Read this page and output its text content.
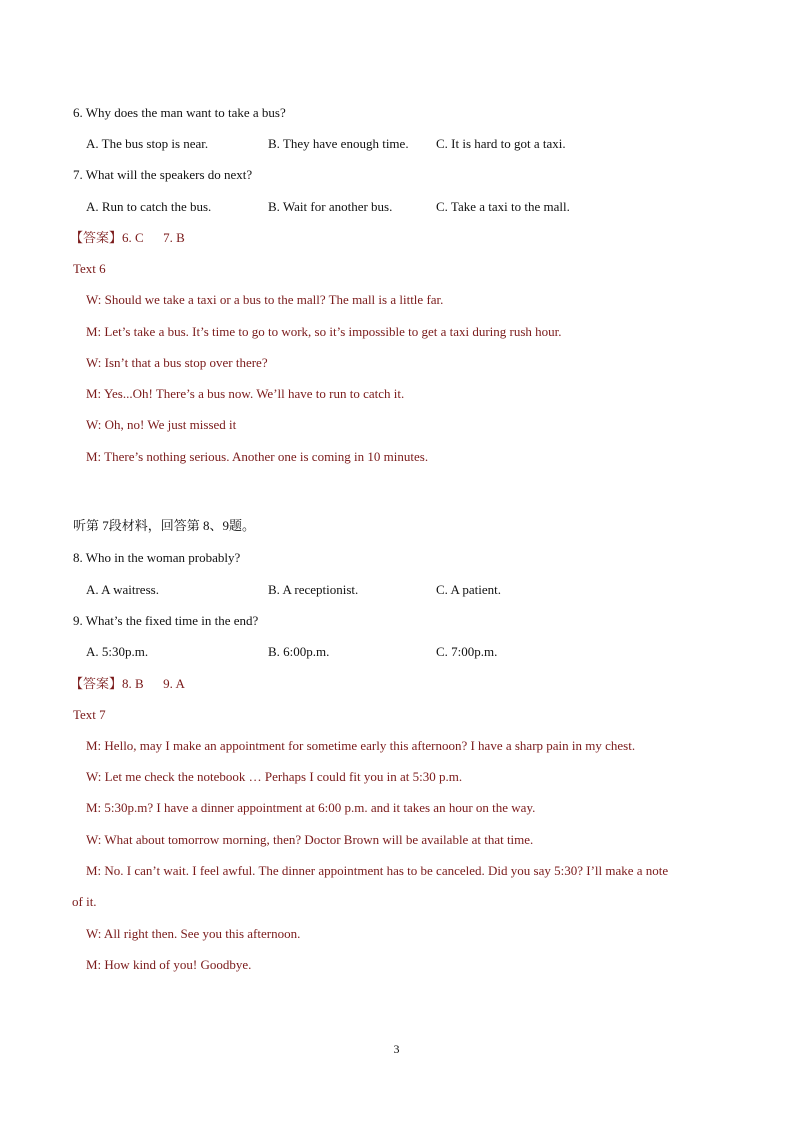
6. Why does the man want to take a bus?
A. The bus stop is near.	B. They have enough time. C. It is hard to got a taxi.
7. What will the speakers do next?
A. Run to catch the bus.	B. Wait for another bus.	C. Take a taxi to the mall.
【答案】6. C      7. B
Text 6
W: Should we take a taxi or a bus to the mall? The mall is a little far.
M: Let’s take a bus. It’s time to go to work, so it’s impossible to get a taxi during rush hour.
W: Isn’t that a bus stop over there?
M: Yes...Oh! There’s a bus now. We’ll have to run to catch it.
W: Oh, no! We just missed it
M: There’s nothing serious. Another one is coming in 10 minutes.
听第 7段材料，回答第 8、9题。
8. Who in the woman probably?
A. A waitress.	B. A receptionist.	C. A patient.
9. What’s the fixed time in the end?
A. 5:30p.m.	B. 6:00p.m.	C. 7:00p.m.
【答案】8. B      9. A
Text 7
M: Hello, may I make an appointment for sometime early this afternoon? I have a sharp pain in my chest.
W: Let me check the notebook … Perhaps I could fit you in at 5:30 p.m.
M: 5:30p.m? I have a dinner appointment at 6:00 p.m. and it takes an hour on the way.
W: What about tomorrow morning, then? Doctor Brown will be available at that time.
M: No. I can’t wait. I feel awful. The dinner appointment has to be canceled. Did you say 5:30? I’ll make a note
of it.
W: All right then. See you this afternoon.
M: How kind of you! Goodbye.
3
